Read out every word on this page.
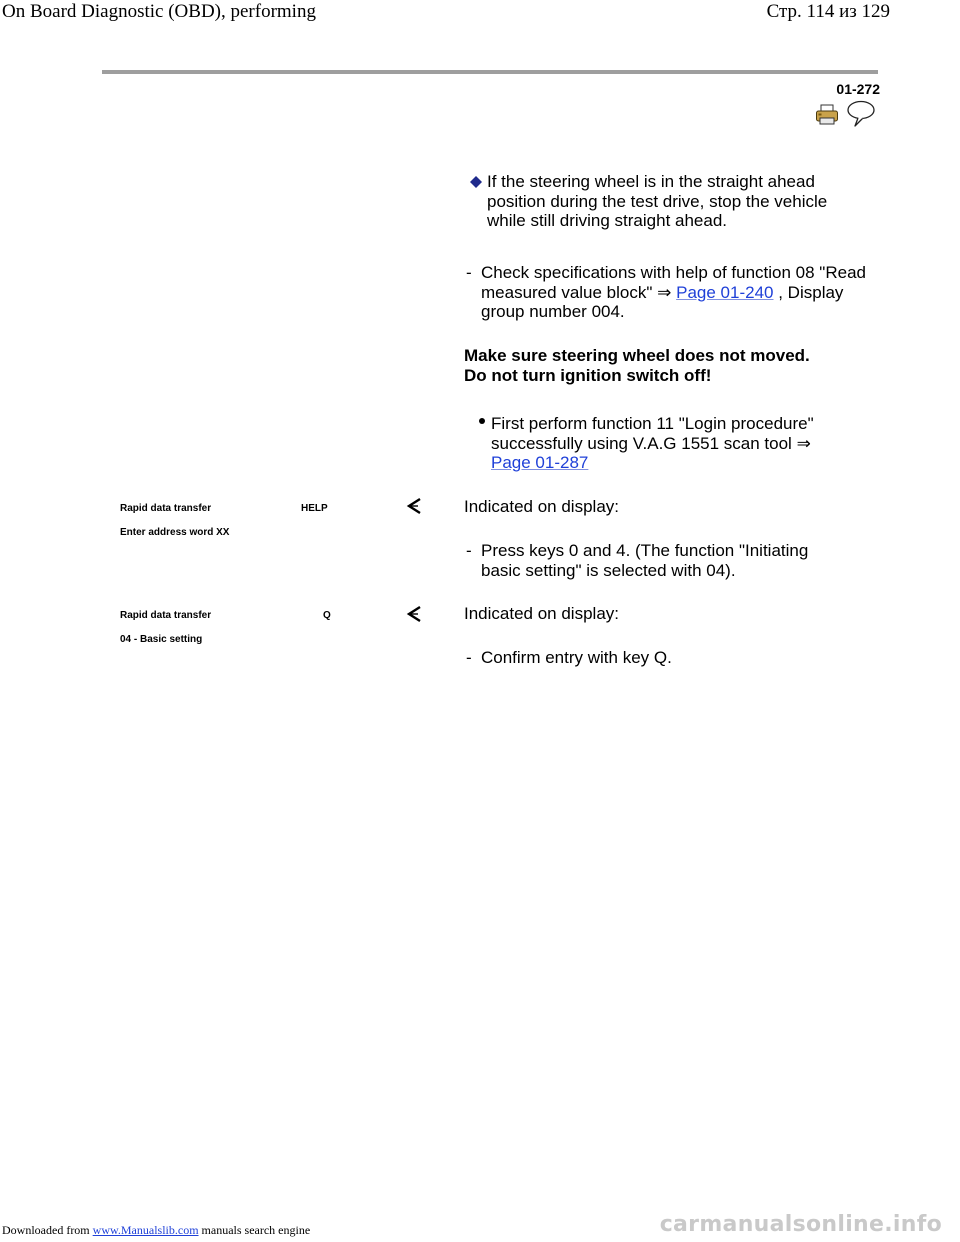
On Board Diagnostic (OBD), performing	Стр. 114 из 129
01-272
If the steering wheel is in the straight ahead position during the test drive, stop the vehicle while still driving straight ahead.
- Check specifications with help of function 08 "Read measured value block" ⇒ Page 01-240 , Display group number 004.
Make sure steering wheel does not moved.
Do not turn ignition switch off!
First perform function 11 "Login procedure" successfully using V.A.G 1551 scan tool ⇒
Page 01-287
Rapid data transfer	HELP
Enter address word XX
Indicated on display:
- Press keys 0 and 4. (The function "Initiating basic setting" is selected with 04).
Rapid data transfer	Q
04 - Basic setting
Indicated on display:
- Confirm entry with key Q.
Downloaded from www.Manualslib.com manuals search engine	carmanualsonline.info
